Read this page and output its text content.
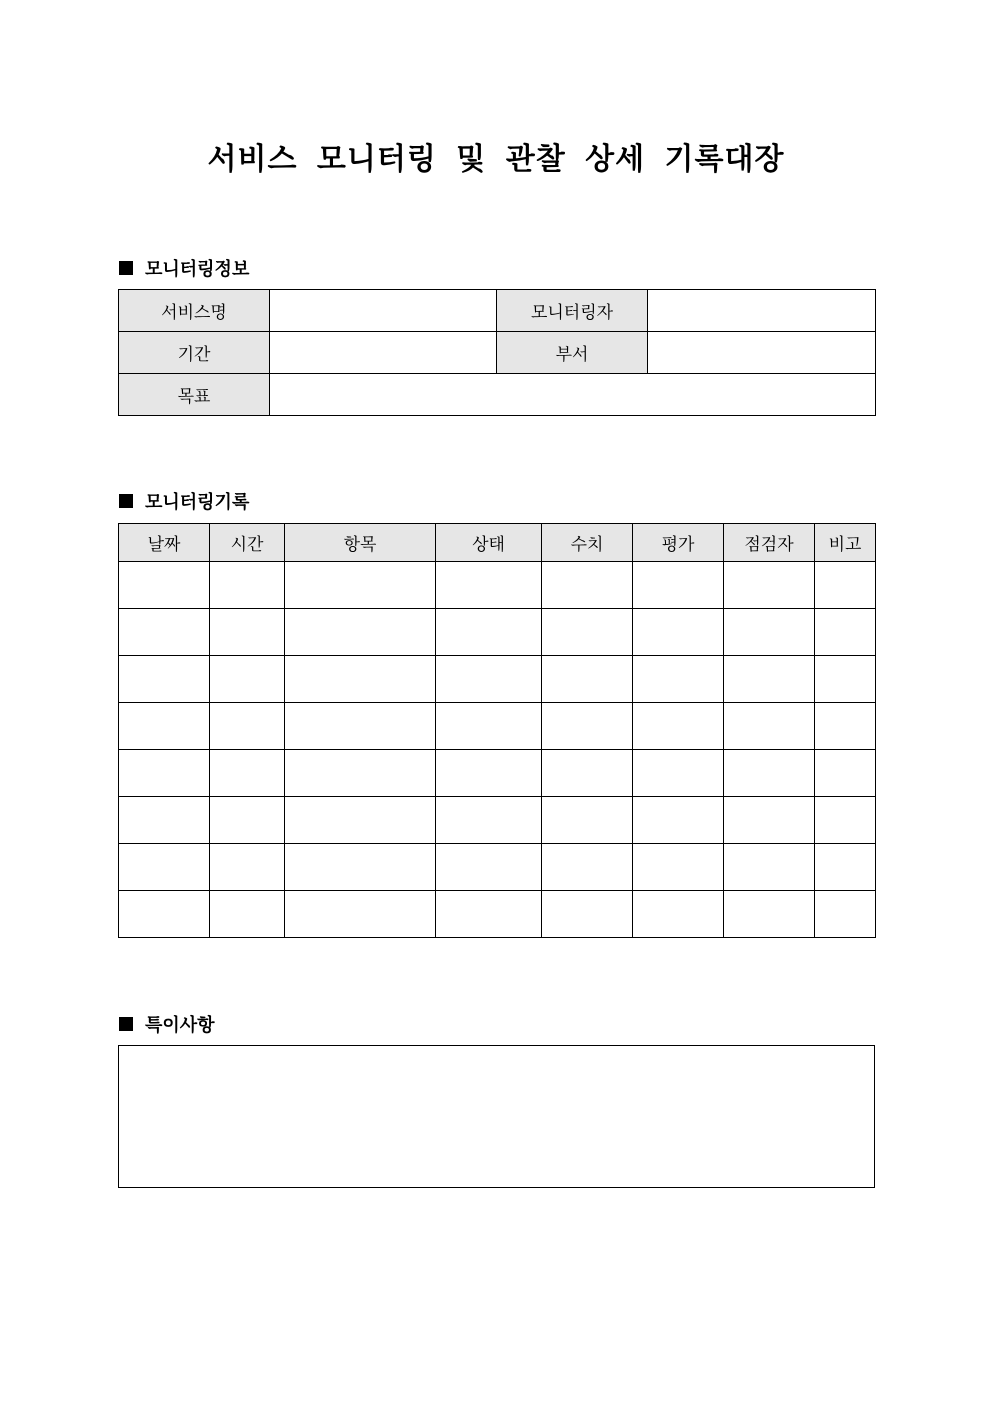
서비스 모니터링 및 관찰 상세 기록대장
모니터링정보
서비스명		모니터링자	
기간		부서	
목표			
모니터링기록
날짜	시간	항목	상태	수치	평가	점검자	비고

특이사항
